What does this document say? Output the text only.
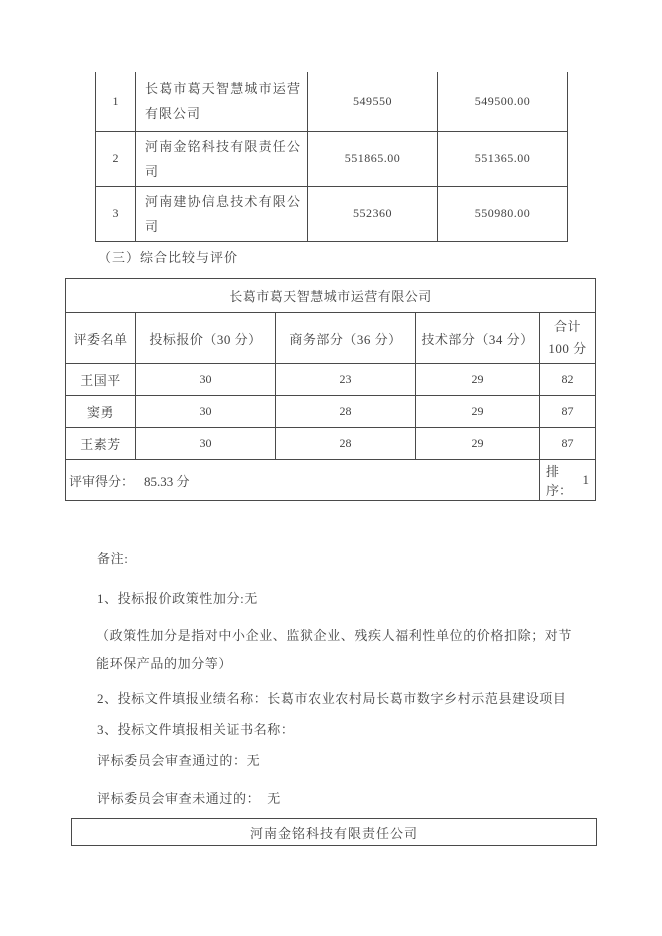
1	长葛市葛天智慧城市运营有限公司	549550	549500.00
2	河南金铭科技有限责任公司	551865.00	551365.00
3	河南建协信息技术有限公司	552360	550980.00
（三）综合比较与评价
长葛市葛天智慧城市运营有限公司				
评委名单	投标报价（30 分）	商务部分（36 分）	技术部分（34 分）	合计
100 分

王国平	30	23	29	82
窦勇	30	28	29	87
王素芳	30	28	29	87
评审得分： 85.33 分				排序：
1
备注:
1、投标报价政策性加分:无
（政策性加分是指对中小企业、监狱企业、残疾人福利性单位的价格扣除；对节
能环保产品的加分等）
2、投标文件填报业绩名称：长葛市农业农村局长葛市数字乡村示范县建设项目
3、投标文件填报相关证书名称：
评标委员会审查通过的：无
评标委员会审查未通过的：　无
河南金铭科技有限责任公司
